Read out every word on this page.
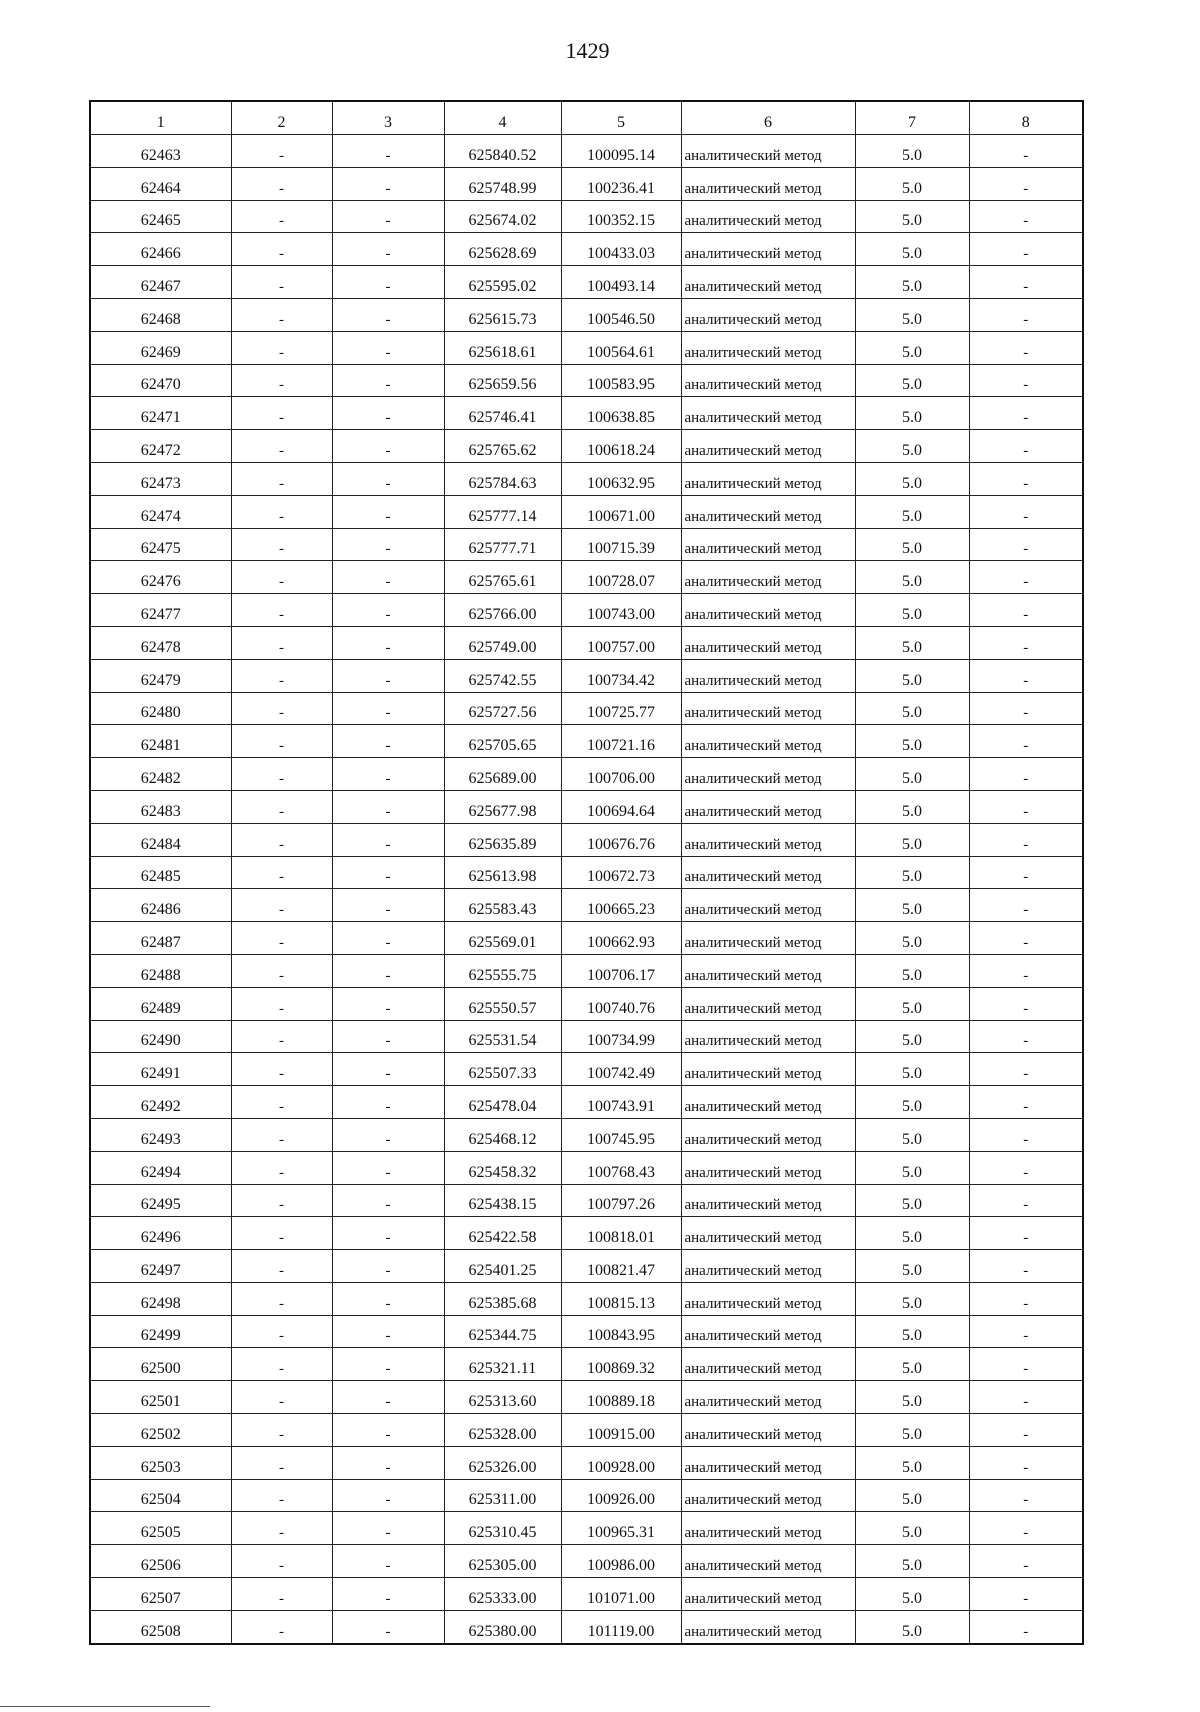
1429
1	2	3	4	5	6	7	8
62463	-	-	625840.52	100095.14	аналитический метод	5.0	-
62464	-	-	625748.99	100236.41	аналитический метод	5.0	-
62465	-	-	625674.02	100352.15	аналитический метод	5.0	-
62466	-	-	625628.69	100433.03	аналитический метод	5.0	-
62467	-	-	625595.02	100493.14	аналитический метод	5.0	-
62468	-	-	625615.73	100546.50	аналитический метод	5.0	-
62469	-	-	625618.61	100564.61	аналитический метод	5.0	-
62470	-	-	625659.56	100583.95	аналитический метод	5.0	-
62471	-	-	625746.41	100638.85	аналитический метод	5.0	-
62472	-	-	625765.62	100618.24	аналитический метод	5.0	-
62473	-	-	625784.63	100632.95	аналитический метод	5.0	-
62474	-	-	625777.14	100671.00	аналитический метод	5.0	-
62475	-	-	625777.71	100715.39	аналитический метод	5.0	-
62476	-	-	625765.61	100728.07	аналитический метод	5.0	-
62477	-	-	625766.00	100743.00	аналитический метод	5.0	-
62478	-	-	625749.00	100757.00	аналитический метод	5.0	-
62479	-	-	625742.55	100734.42	аналитический метод	5.0	-
62480	-	-	625727.56	100725.77	аналитический метод	5.0	-
62481	-	-	625705.65	100721.16	аналитический метод	5.0	-
62482	-	-	625689.00	100706.00	аналитический метод	5.0	-
62483	-	-	625677.98	100694.64	аналитический метод	5.0	-
62484	-	-	625635.89	100676.76	аналитический метод	5.0	-
62485	-	-	625613.98	100672.73	аналитический метод	5.0	-
62486	-	-	625583.43	100665.23	аналитический метод	5.0	-
62487	-	-	625569.01	100662.93	аналитический метод	5.0	-
62488	-	-	625555.75	100706.17	аналитический метод	5.0	-
62489	-	-	625550.57	100740.76	аналитический метод	5.0	-
62490	-	-	625531.54	100734.99	аналитический метод	5.0	-
62491	-	-	625507.33	100742.49	аналитический метод	5.0	-
62492	-	-	625478.04	100743.91	аналитический метод	5.0	-
62493	-	-	625468.12	100745.95	аналитический метод	5.0	-
62494	-	-	625458.32	100768.43	аналитический метод	5.0	-
62495	-	-	625438.15	100797.26	аналитический метод	5.0	-
62496	-	-	625422.58	100818.01	аналитический метод	5.0	-
62497	-	-	625401.25	100821.47	аналитический метод	5.0	-
62498	-	-	625385.68	100815.13	аналитический метод	5.0	-
62499	-	-	625344.75	100843.95	аналитический метод	5.0	-
62500	-	-	625321.11	100869.32	аналитический метод	5.0	-
62501	-	-	625313.60	100889.18	аналитический метод	5.0	-
62502	-	-	625328.00	100915.00	аналитический метод	5.0	-
62503	-	-	625326.00	100928.00	аналитический метод	5.0	-
62504	-	-	625311.00	100926.00	аналитический метод	5.0	-
62505	-	-	625310.45	100965.31	аналитический метод	5.0	-
62506	-	-	625305.00	100986.00	аналитический метод	5.0	-
62507	-	-	625333.00	101071.00	аналитический метод	5.0	-
62508	-	-	625380.00	101119.00	аналитический метод	5.0	-
